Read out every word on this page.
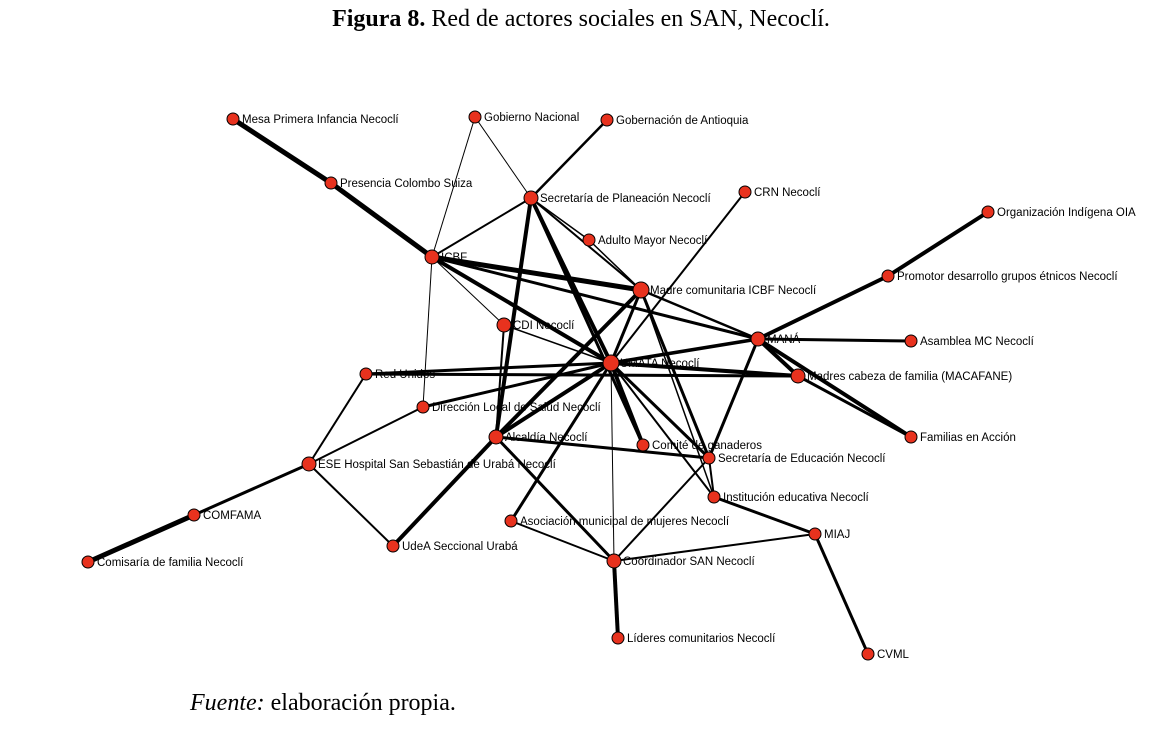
Figura 8. Red de actores sociales en SAN, Necoclí.
Mesa Primera Infancia Necoclí	Gobierno Nacional	Gobernación de Antioquia
Presencia Colombo Suiza
Secretaría de Planeación Necoclí	CRN Necoclí
Organización Indígena OIA
Adulto Mayor Necoclí
ICBF
Promotor desarrollo grupos étnicos Necoclí
Madre comunitaria ICBF Necoclí
CDI Necoclí
Asamblea MC Necoclí
MANÁ
UMATA Necoclí
Red Unidos	Madres cabeza de familia (MACAFANE)
Dirección Local de Salud Necoclí
Familias en Acción
Alcaldía Necoclí
Comité de ganaderos
Secretaría de Educación Necoclí
ESE Hospital San Sebastián de Urabá Necoclí
Institución educativa Necoclí
COMFAMA	Asociación municipal de mujeres Necoclí
UdeA Seccional Urabá
MIAJ
Coordinador SAN Necoclí
Comisaría de familia Necoclí
Líderes comunitarios Necoclí
CVML
Fuente: elaboración propia.
